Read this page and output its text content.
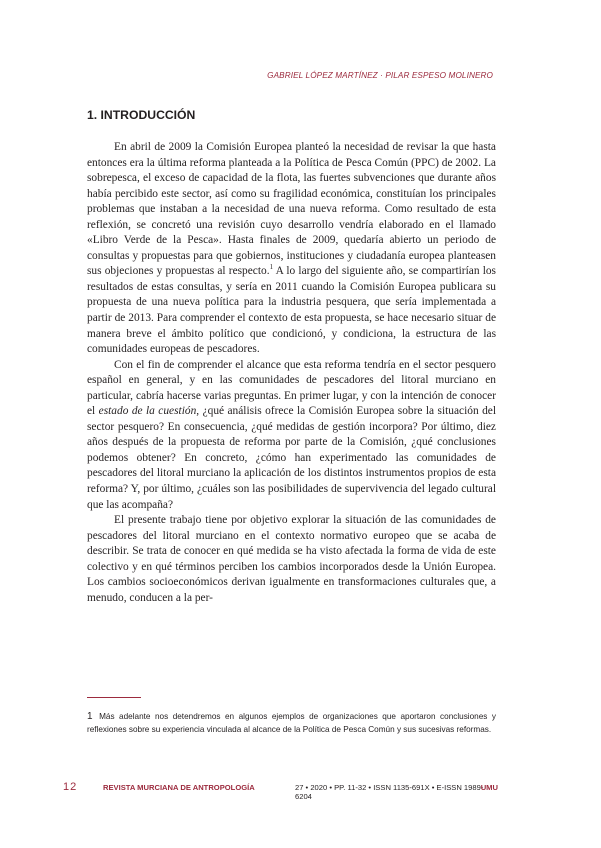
GABRIEL LÓPEZ MARTÍNEZ · PILAR ESPESO MOLINERO
1. INTRODUCCIÓN

En abril de 2009 la Comisión Europea planteó la necesidad de revisar la que hasta entonces era la última reforma planteada a la Política de Pesca Común (PPC) de 2002. La sobrepesca, el exceso de capacidad de la flota, las fuertes subvenciones que durante años había percibido este sector, así como su fragilidad económica, constituían los principales problemas que instaban a la necesidad de una nueva reforma. Como resultado de esta reflexión, se concretó una revisión cuyo desarrollo vendría elaborado en el llamado «Libro Verde de la Pesca». Hasta finales de 2009, quedaría abierto un periodo de consultas y propuestas para que gobiernos, instituciones y ciudadanía europea planteasen sus objeciones y propuestas al respecto.$^1$ A lo largo del siguiente año, se compartirían los resultados de estas consultas, y sería en 2011 cuando la Comisión Europea publicara su propuesta de una nueva política para la industria pesquera, que sería implementada a partir de 2013. Para comprender el contexto de esta propuesta, se hace necesario situar de manera breve el ámbito político que condicionó, y condiciona, la estructura de las comunidades europeas de pescadores.

Con el fin de comprender el alcance que esta reforma tendría en el sector pesquero español en general, y en las comunidades de pescadores del litoral murciano en particular, cabría hacerse varias preguntas. En primer lugar, y con la intención de conocer el estado de la cuestión, ¿qué análisis ofrece la Comisión Europea sobre la situación del sector pesquero? En consecuencia, ¿qué medidas de gestión incorpora? Por último, diez años después de la propuesta de reforma por parte de la Comisión, ¿qué conclusiones podemos obtener? En concreto, ¿cómo han experimentado las comunidades de pescadores del litoral murciano la aplicación de los distintos instrumentos propios de esta reforma? Y, por último, ¿cuáles son las posibilidades de supervivencia del legado cultural que las acompaña?

El presente trabajo tiene por objetivo explorar la situación de las comunidades de pescadores del litoral murciano en el contexto normativo europeo que se acaba de describir. Se trata de conocer en qué medida se ha visto afectada la forma de vida de este colectivo y en qué términos perciben los cambios incorporados desde la Unión Europea. Los cambios socioeconómicos derivan igualmente en transformaciones culturales que, a menudo, conducen a la per-

1 Más adelante nos detendremos en algunos ejemplos de organizaciones que aportaron conclusiones y reflexiones sobre su experiencia vinculada al alcance de la Política de Pesca Común y sus sucesivas reformas.

12	REVISTA MURCIANA DE ANTROPOLOGÍA	27 • 2020 • PP. 11-32 • ISSN 1135-691X • E-ISSN 1989-6204
UMU
